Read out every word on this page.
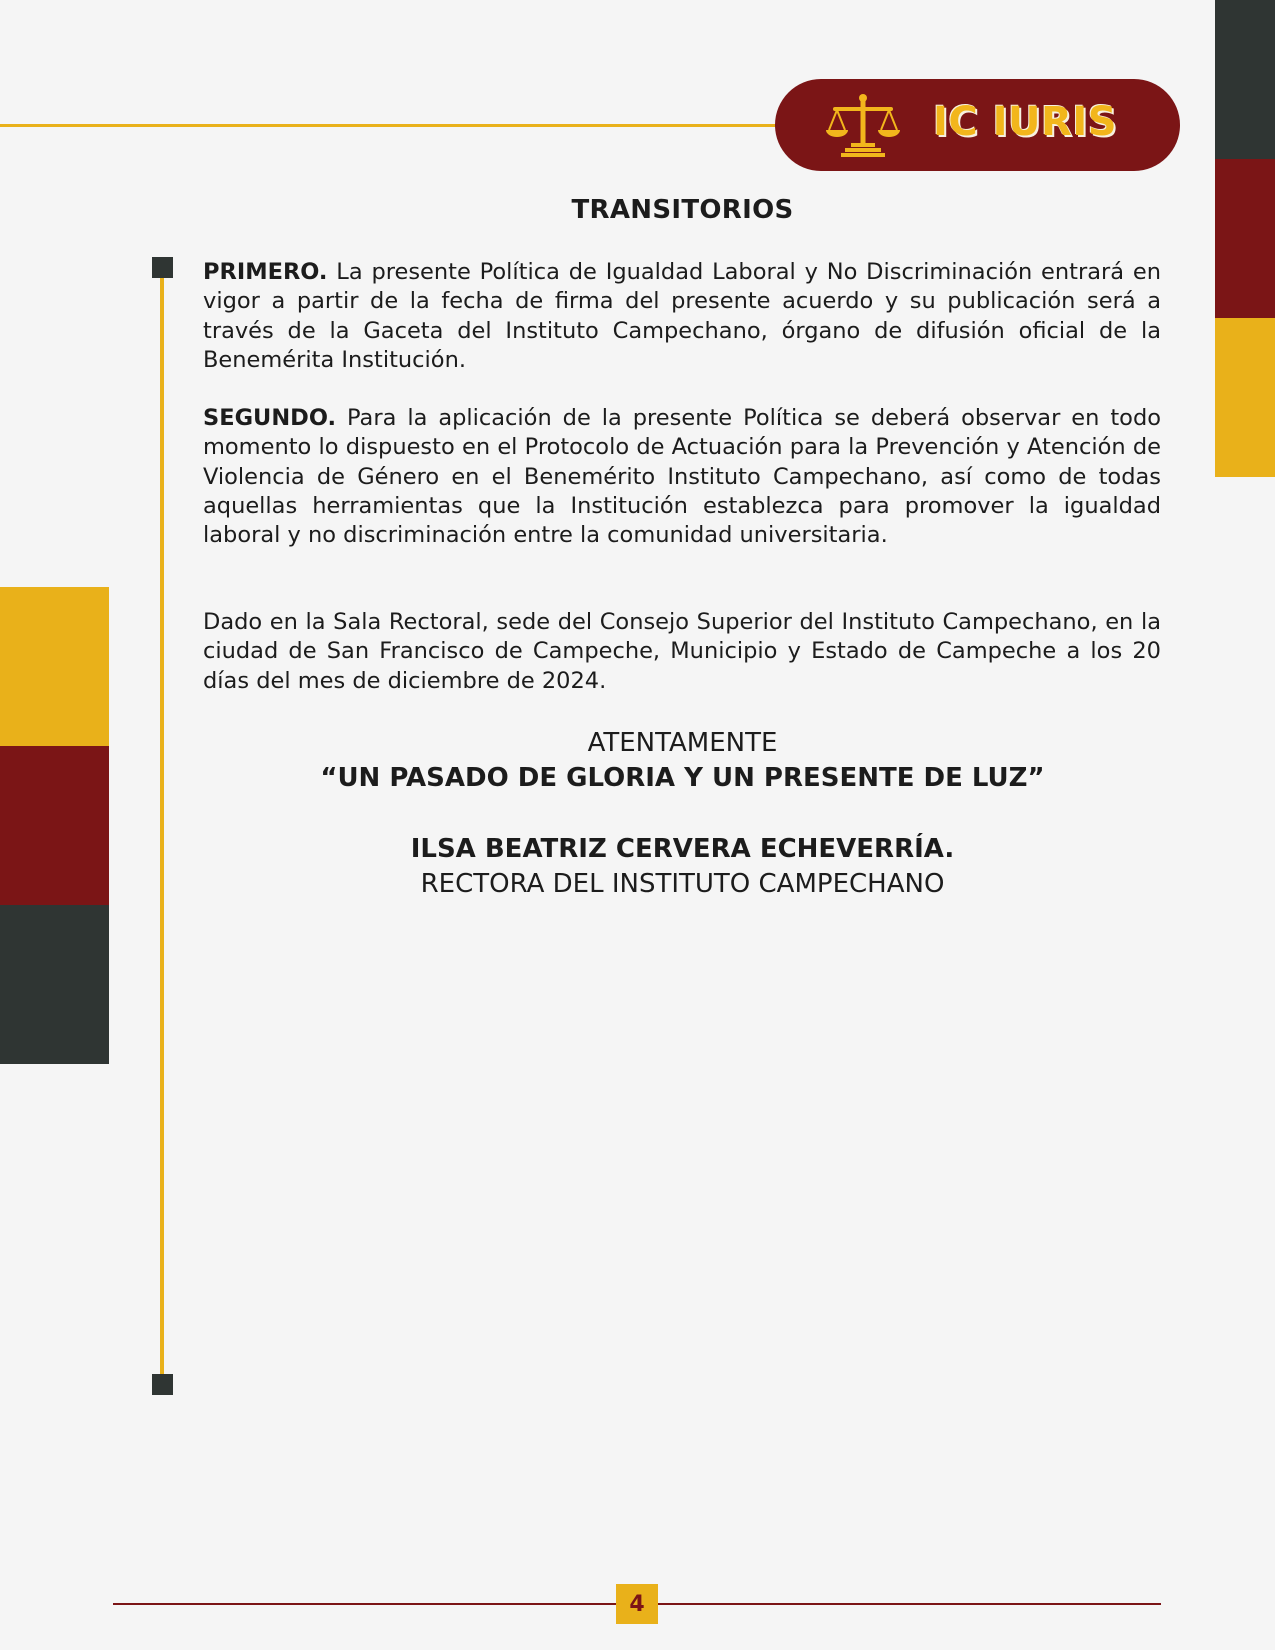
IC IURIS
TRANSITORIOS

PRIMERO. La presente Política de Igualdad Laboral y No Discriminación entrará en vigor a partir de la fecha de firma del presente acuerdo y su publicación será a través de la Gaceta del Instituto Campechano, órgano de difusión oficial de la Benemérita Institución.

SEGUNDO. Para la aplicación de la presente Política se deberá observar en todo momento lo dispuesto en el Protocolo de Actuación para la Prevención y Atención de Violencia de Género en el Benemérito Instituto Campechano, así como de todas aquellas herramientas que la Institución establezca para promover la igualdad laboral y no discriminación entre la comunidad universitaria.

Dado en la Sala Rectoral, sede del Consejo Superior del Instituto Campechano, en la ciudad de San Francisco de Campeche, Municipio y Estado de Campeche a los 20 días del mes de diciembre de 2024.

ATENTAMENTE
“UN PASADO DE GLORIA Y UN PRESENTE DE LUZ”
ILSA BEATRIZ CERVERA ECHEVERRÍA.
RECTORA DEL INSTITUTO CAMPECHANO
4
